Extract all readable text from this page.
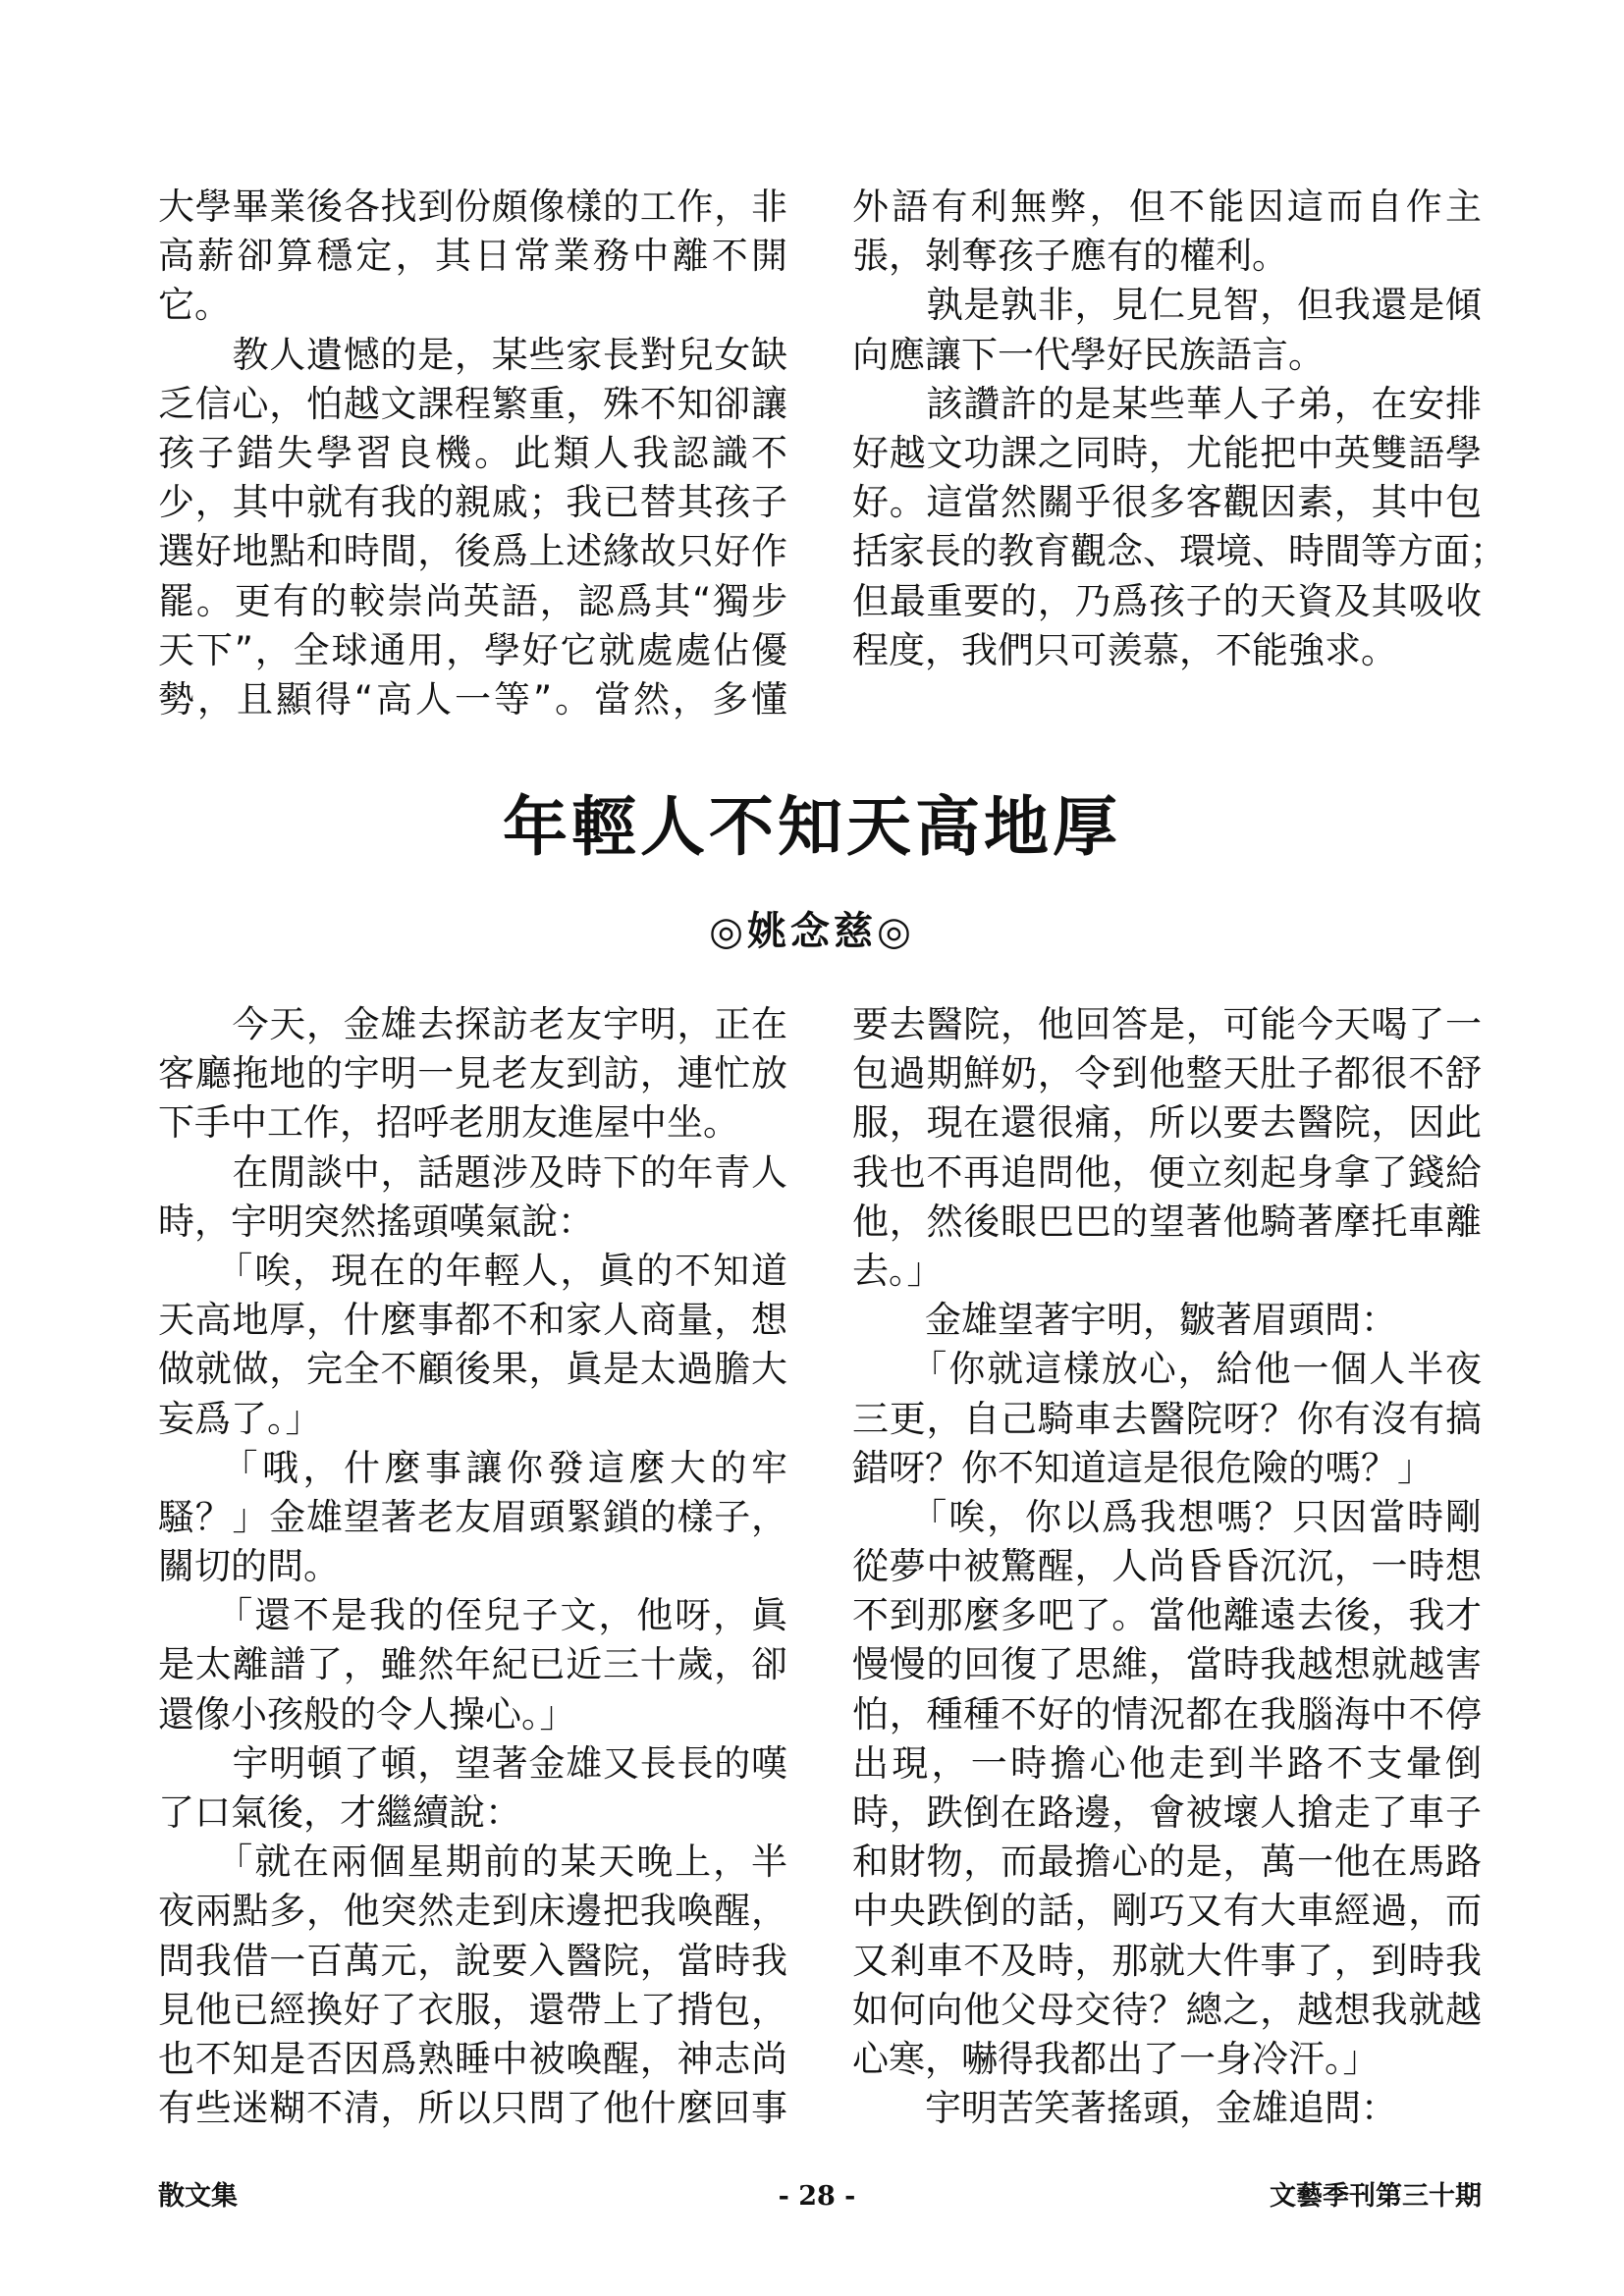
大學畢業後各找到份頗像樣的工作，非
高薪卻算穩定，其日常業務中離不開
它。
　　教人遺憾的是，某些家長對兒女缺
乏信心，怕越文課程繁重，殊不知卻讓
孩子錯失學習良機。此類人我認識不
少，其中就有我的親戚；我已替其孩子
選好地點和時間，後爲上述緣故只好作
罷。更有的較崇尚英語，認爲其“獨步
天下”，全球通用，學好它就處處佔優
勢，且顯得“高人一等”。當然，多懂
外語有利無弊，但不能因這而自作主
張，剝奪孩子應有的權利。
　　孰是孰非，見仁見智，但我還是傾
向應讓下一代學好民族語言。
　　該讚許的是某些華人子弟，在安排
好越文功課之同時，尤能把中英雙語學
好。這當然關乎很多客觀因素，其中包
括家長的教育觀念、環境、時間等方面；
但最重要的，乃爲孩子的天資及其吸收
程度，我們只可羨慕，不能強求。
年輕人不知天高地厚
◎姚念慈◎
　　今天，金雄去探訪老友宇明，正在
客廳拖地的宇明一見老友到訪，連忙放
下手中工作，招呼老朋友進屋中坐。
　　在閒談中，話題涉及時下的年青人
時，宇明突然搖頭嘆氣說：
　　「唉，現在的年輕人，眞的不知道
天高地厚，什麼事都不和家人商量，想
做就做，完全不顧後果，眞是太過膽大
妄爲了。」
　　「哦，什麼事讓你發這麼大的牢
騷？」金雄望著老友眉頭緊鎖的樣子，
關切的問。
　　「還不是我的侄兒子文，他呀，眞
是太離譜了，雖然年紀已近三十歲，卻
還像小孩般的令人操心。」
　　宇明頓了頓，望著金雄又長長的嘆
了口氣後，才繼續說：
　　「就在兩個星期前的某天晚上，半
夜兩點多，他突然走到床邊把我喚醒，
問我借一百萬元，說要入醫院，當時我
見他已經換好了衣服，還帶上了揹包，
也不知是否因爲熟睡中被喚醒，神志尚
有些迷糊不清，所以只問了他什麼回事
要去醫院，他回答是，可能今天喝了一
包過期鮮奶，令到他整天肚子都很不舒
服，現在還很痛，所以要去醫院，因此
我也不再追問他，便立刻起身拿了錢給
他，然後眼巴巴的望著他騎著摩托車離
去。」
　　金雄望著宇明，皺著眉頭問：
　　「你就這樣放心，給他一個人半夜
三更，自己騎車去醫院呀？你有沒有搞
錯呀？你不知道這是很危險的嗎？」
　　「唉，你以爲我想嗎？只因當時剛
從夢中被驚醒，人尚昏昏沉沉，一時想
不到那麼多吧了。當他離遠去後，我才
慢慢的回復了思維，當時我越想就越害
怕，種種不好的情況都在我腦海中不停
出現，一時擔心他走到半路不支暈倒
時，跌倒在路邊，會被壞人搶走了車子
和財物，而最擔心的是，萬一他在馬路
中央跌倒的話，剛巧又有大車經過，而
又剎車不及時，那就大件事了，到時我
如何向他父母交待？總之，越想我就越
心寒，嚇得我都出了一身冷汗。」
　　宇明苦笑著搖頭，金雄追問：
散文集	- 28 -	文藝季刊第三十期
